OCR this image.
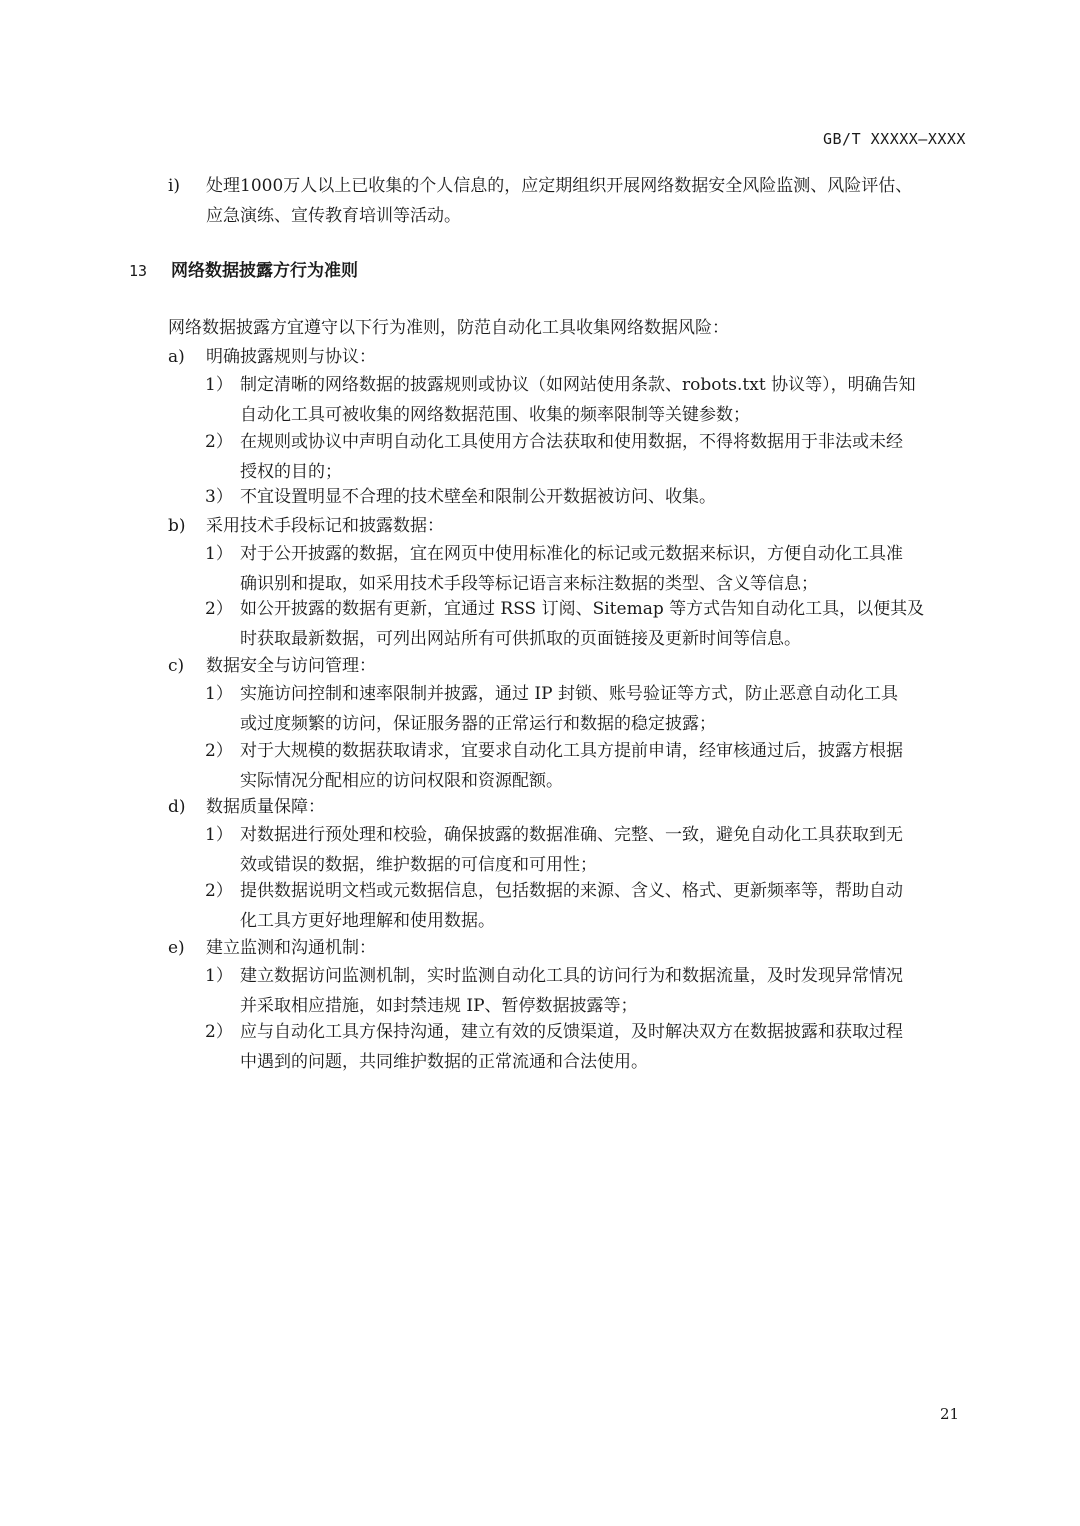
GB/T XXXXX—XXXX
i) 处理1000万人以上已收集的个人信息的，应定期组织开展网络数据安全风险监测、风险评估、
应急演练、宣传教育培训等活动。
13 网络数据披露方行为准则
网络数据披露方宜遵守以下行为准则，防范自动化工具收集网络数据风险：
a) 明确披露规则与协议：
1） 制定清晰的网络数据的披露规则或协议（如网站使用条款、robots.txt 协议等），明确告知
自动化工具可被收集的网络数据范围、收集的频率限制等关键参数；
2） 在规则或协议中声明自动化工具使用方合法获取和使用数据，不得将数据用于非法或未经
授权的目的；
3） 不宜设置明显不合理的技术壁垒和限制公开数据被访问、收集。
b) 采用技术手段标记和披露数据：
1） 对于公开披露的数据，宜在网页中使用标准化的标记或元数据来标识，方便自动化工具准
确识别和提取，如采用技术手段等标记语言来标注数据的类型、含义等信息；
2） 如公开披露的数据有更新，宜通过 RSS 订阅、Sitemap 等方式告知自动化工具，以便其及
时获取最新数据，可列出网站所有可供抓取的页面链接及更新时间等信息。
c) 数据安全与访问管理：
1） 实施访问控制和速率限制并披露，通过 IP 封锁、账号验证等方式，防止恶意自动化工具
或过度频繁的访问，保证服务器的正常运行和数据的稳定披露；
2） 对于大规模的数据获取请求，宜要求自动化工具方提前申请，经审核通过后，披露方根据
实际情况分配相应的访问权限和资源配额。
d) 数据质量保障：
1） 对数据进行预处理和校验，确保披露的数据准确、完整、一致，避免自动化工具获取到无
效或错误的数据，维护数据的可信度和可用性；
2） 提供数据说明文档或元数据信息，包括数据的来源、含义、格式、更新频率等，帮助自动
化工具方更好地理解和使用数据。
e) 建立监测和沟通机制：
1） 建立数据访问监测机制，实时监测自动化工具的访问行为和数据流量，及时发现异常情况
并采取相应措施，如封禁违规 IP、暂停数据披露等；
2） 应与自动化工具方保持沟通，建立有效的反馈渠道，及时解决双方在数据披露和获取过程
中遇到的问题，共同维护数据的正常流通和合法使用。
21
